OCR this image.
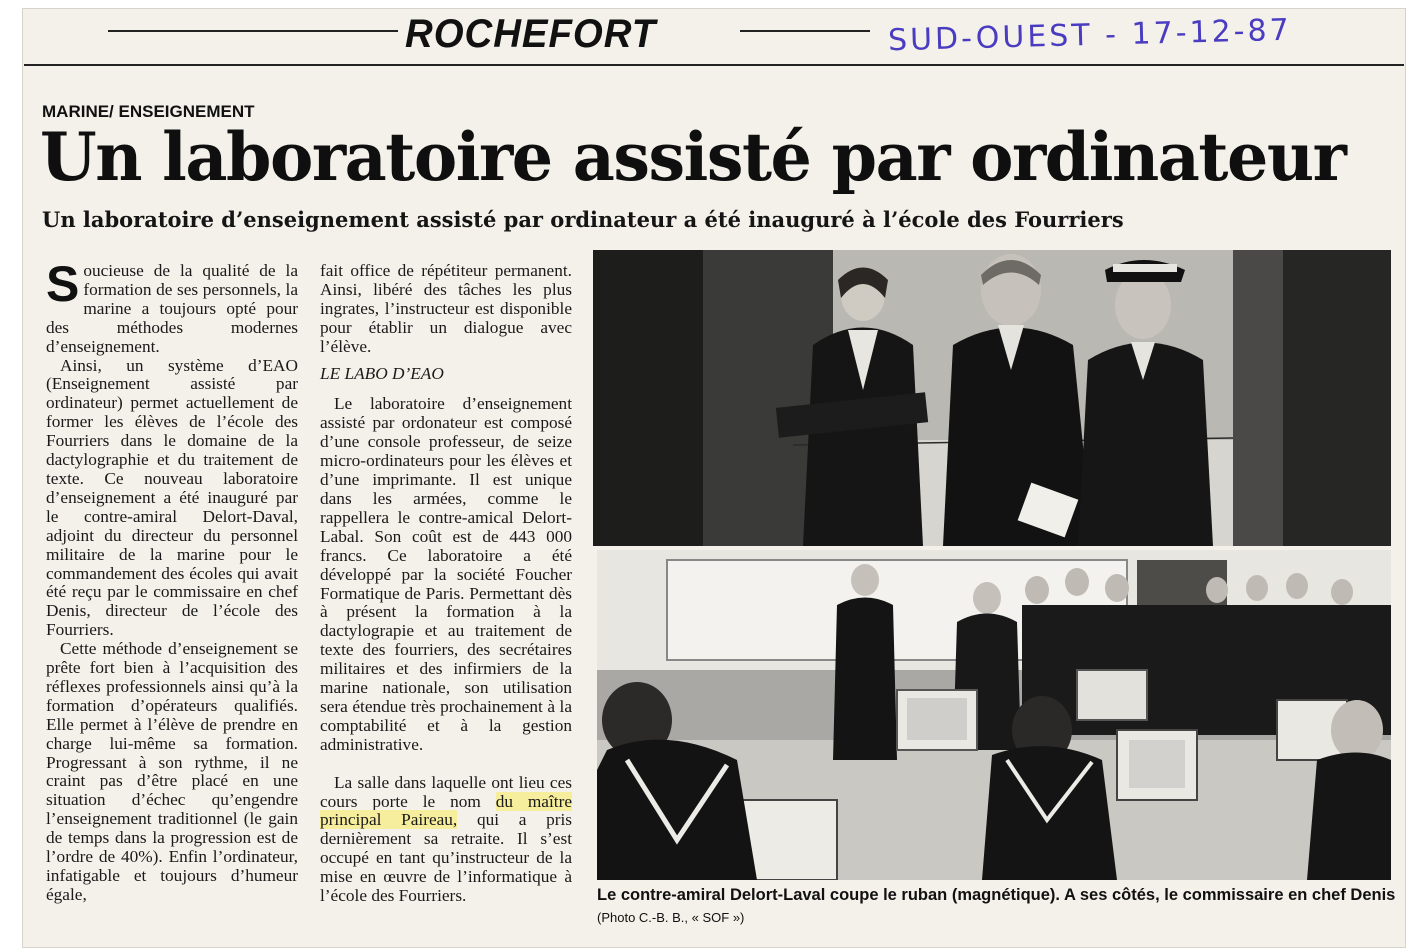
ROCHEFORT	SUD-OUEST - 17-12-87
MARINE/ ENSEIGNEMENT
Un laboratoire assisté par ordinateur
Un laboratoire d’enseignement assisté par ordinateur a été inauguré à l’école des Fourriers

Soucieuse de la qualité de la formation de ses personnels, la marine a toujours opté pour des méthodes modernes d’enseignement.

Ainsi, un système d’EAO (Enseignement assisté par ordinateur) permet actuellement de former les élèves de l’école des Fourriers dans le domaine de la dactylographie et du traitement de texte. Ce nouveau laboratoire d’enseignement a été inauguré par le contre-amiral Delort-Daval, adjoint du directeur du personnel militaire de la marine pour le commandement des écoles qui avait été reçu par le commissaire en chef Denis, directeur de l’école des Fourriers.

Cette méthode d’enseignement se prête fort bien à l’acquisition des réflexes professionnels ainsi qu’à la formation d’opérateurs qualifiés. Elle permet à l’élève de prendre en charge lui-même sa formation. Progressant à son rythme, il ne craint pas d’être placé en une situation d’échec qu’engendre l’enseignement traditionnel (le gain de temps dans la progression est de l’ordre de 40%). Enfin l’ordinateur, infatigable et toujours d’humeur égale,

fait office de répétiteur permanent. Ainsi, libéré des tâches les plus ingrates, l’instructeur est disponible pour établir un dialogue avec l’élève.

LE LABO D’EAO

Le laboratoire d’enseignement assisté par ordonateur est composé d’une console professeur, de seize micro-ordinateurs pour les élèves et d’une imprimante. Il est unique dans les armées, comme le rappellera le contre-amical Delort-Labal. Son coût est de 443 000 francs. Ce laboratoire a été développé par la société Foucher Formatique de Paris. Permettant dès à présent la formation à la dactylograpie et au traitement de texte des fourriers, des secrétaires militaires et des infirmiers de la marine nationale, son utilisation sera étendue très prochainement à la comptabilité et à la gestion administrative.

La salle dans laquelle ont lieu ces cours porte le nom du maître principal Paireau, qui a pris dernièrement sa retraite. Il s’est occupé en tant qu’instructeur de la mise en œuvre de l’informatique à l’école des Fourriers.	Le contre-amiral Delort-Laval coupe le ruban (magnétique). A ses côtés, le commissaire en chef Denis (Photo C.-B. B., « SOF »)
